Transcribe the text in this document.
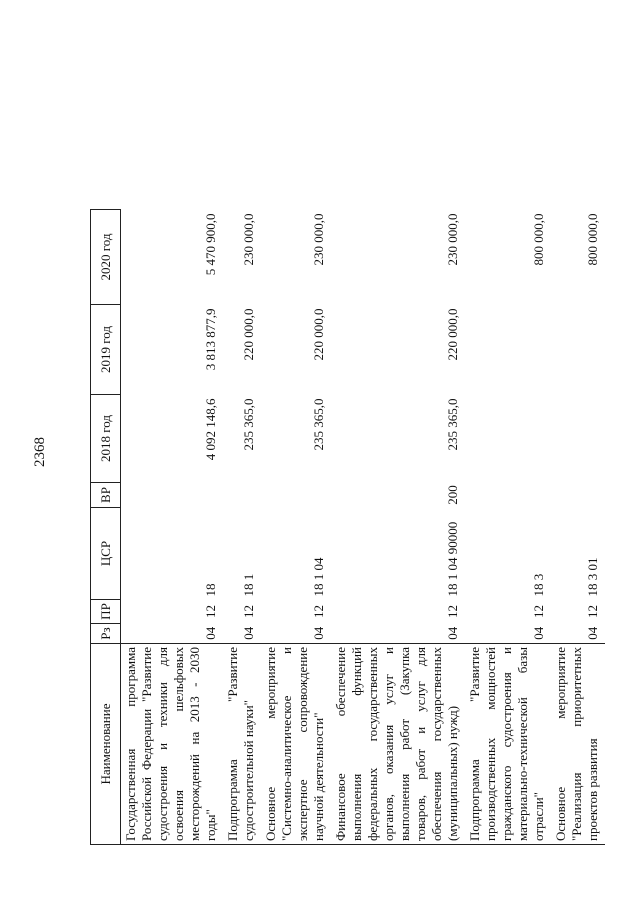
2368
Наименование	Рз	ПР	ЦСР	ВР	2018 год	2019 год	2020 год	
Государственная программа Российской Федерации "Развитие судостроения и техники для освоения шельфовых месторождений на 2013 - 2030 годы"	04	12	18		4 092 148,6	3 813 877,9	5 470 900,0	
Подпрограмма "Развитие судостроительной науки"	04	12	18 1		235 365,0	220 000,0	230 000,0	
Основное мероприятие "Системно-аналитическое и экспертное сопровождение научной деятельности"	04	12	18 1 04		235 365,0	220 000,0	230 000,0	
Финансовое обеспечение выполнения функций федеральных государственных органов, оказания услуг и выполнения работ (Закупка товаров, работ и услуг для обеспечения государственных (муниципальных) нужд)	04	12	18 1 04 90000	200	235 365,0	220 000,0	230 000,0	
Подпрограмма "Развитие производственных мощностей гражданского судостроения и материально-технической базы отрасли"	04	12	18 3				800 000,0	
Основное мероприятие "Реализация приоритетных проектов развития	04	12	18 3 01				800 000,0	
